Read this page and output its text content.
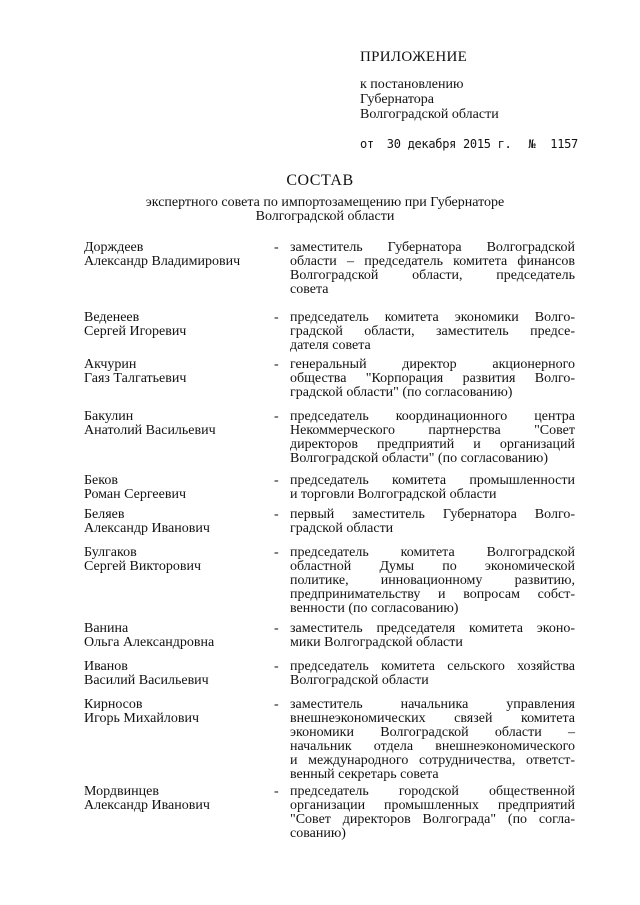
ПРИЛОЖЕНИЕ
к постановлению
Губернатора
Волгоградской области
от 30 декабря 2015 г. № 1157
СОСТАВ
экспертного совета по импортозамещению при Губернаторе
Волгоградской области
Дорждеев
Александр Владимирович
- заместитель Губернатора Волгоградской
области – председатель комитета финансов
Волгоградской области, председатель
совета
Веденеев
Сергей Игоревич
- председатель комитета экономики Волго-
градской области, заместитель предсе-
дателя совета
Акчурин
Гаяз Талгатьевич
- генеральный директор акционерного
общества "Корпорация развития Волго-
градской области" (по согласованию)
Бакулин
Анатолий Васильевич
- председатель координационного центра
Некоммерческого партнерства "Совет
директоров предприятий и организаций
Волгоградской области" (по согласованию)
Беков
Роман Сергеевич
- председатель комитета промышленности
и торговли Волгоградской области
Беляев
Александр Иванович
- первый заместитель Губернатора Волго-
градской области
Булгаков
Сергей Викторович
- председатель комитета Волгоградской
областной Думы по экономической
политике, инновационному развитию,
предпринимательству и вопросам собст-
венности (по согласованию)
Ванина
Ольга Александровна
- заместитель председателя комитета эконо-
мики Волгоградской области
Иванов
Василий Васильевич
- председатель комитета сельского хозяйства
Волгоградской области
Кирносов
Игорь Михайлович
- заместитель начальника управления
внешнеэкономических связей комитета
экономики Волгоградской области –
начальник отдела внешнеэкономического
и международного сотрудничества, ответст-
венный секретарь совета
Мордвинцев
Александр Иванович
- председатель городской общественной
организации промышленных предприятий
"Совет директоров Волгограда" (по согла-
сованию)
